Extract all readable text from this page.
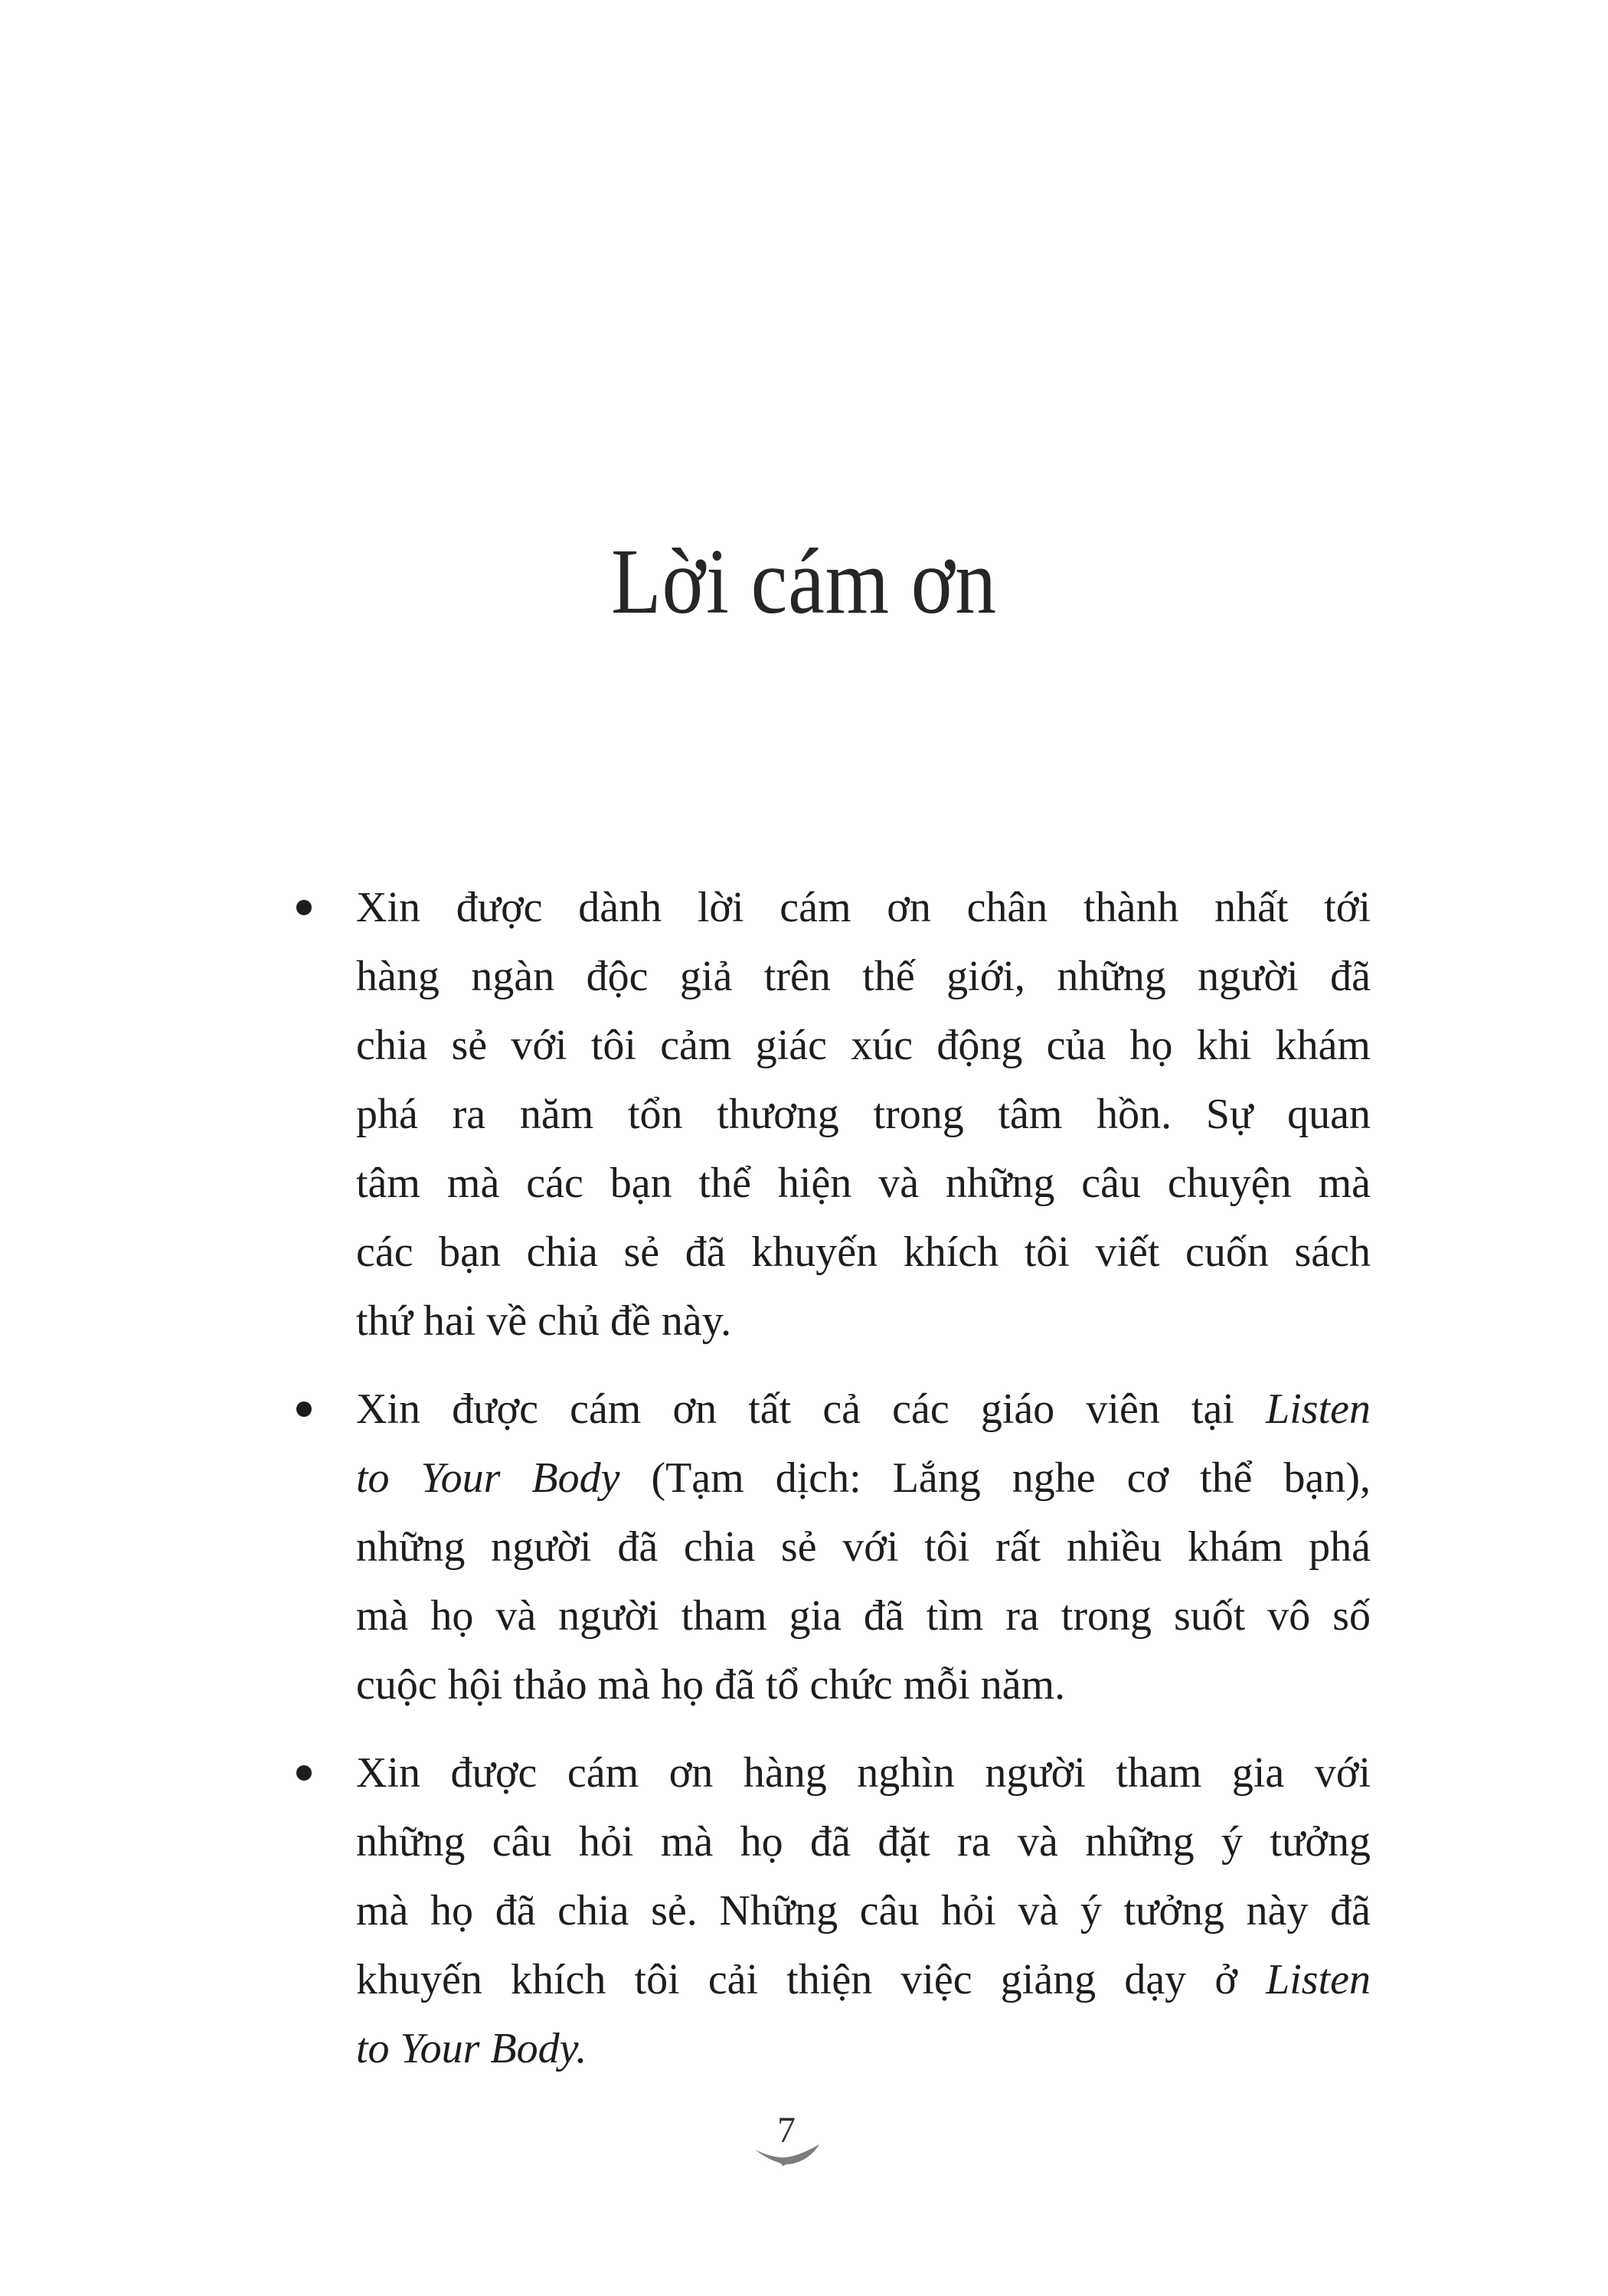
Lời cám ơn
Xin được dành lời cám ơn chân thành nhất tới
hàng ngàn độc giả trên thế giới, những người đã
chia sẻ với tôi cảm giác xúc động của họ khi khám
phá ra năm tổn thương trong tâm hồn. Sự quan
tâm mà các bạn thể hiện và những câu chuyện mà
các bạn chia sẻ đã khuyến khích tôi viết cuốn sách
thứ hai về chủ đề này.
Xin được cám ơn tất cả các giáo viên tại Listen
to Your Body (Tạm dịch: Lắng nghe cơ thể bạn),
những người đã chia sẻ với tôi rất nhiều khám phá
mà họ và người tham gia đã tìm ra trong suốt vô số
cuộc hội thảo mà họ đã tổ chức mỗi năm.
Xin được cám ơn hàng nghìn người tham gia với
những câu hỏi mà họ đã đặt ra và những ý tưởng
mà họ đã chia sẻ. Những câu hỏi và ý tưởng này đã
khuyến khích tôi cải thiện việc giảng dạy ở Listen
to Your Body.
7
